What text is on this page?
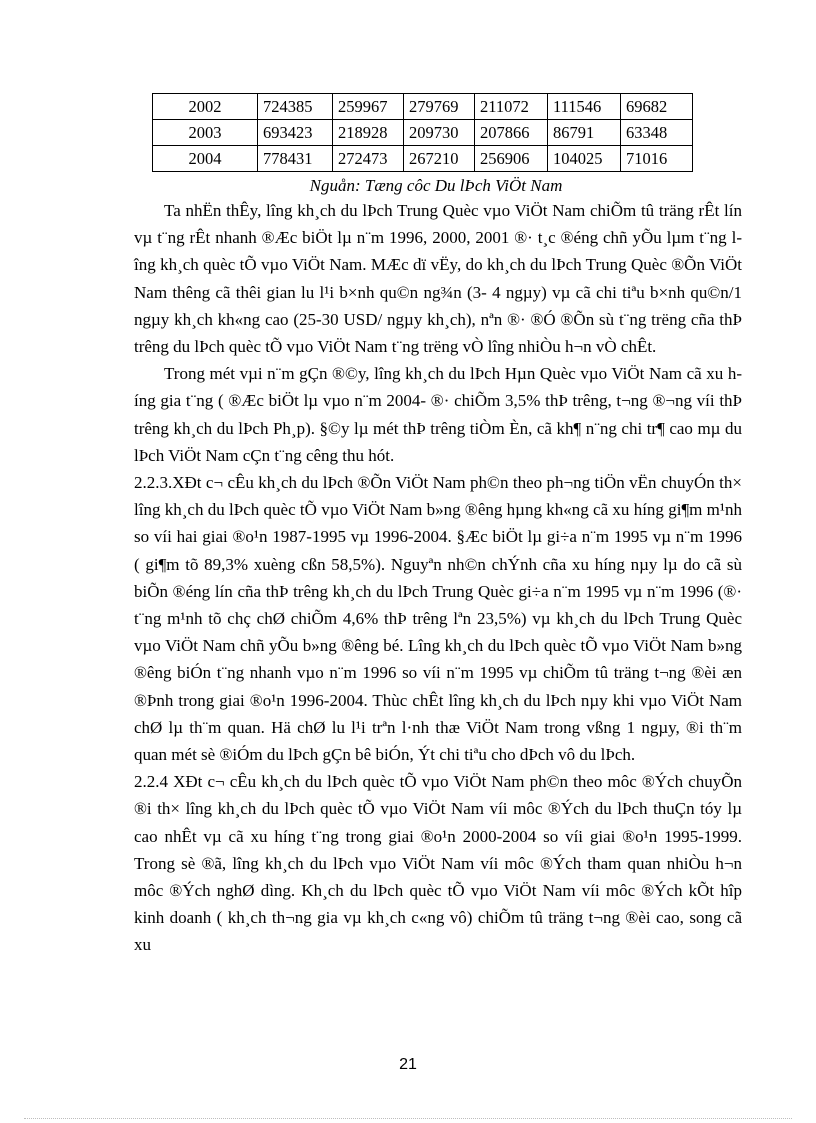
2002	724385	259967	279769	211072	111546	69682
2003	693423	218928	209730	207866	86791	63348
2004	778431	272473	267210	256906	104025	71016
Nguån: Tæng côc Du lÞch ViÖt Nam

Ta nhËn thÊy, lîng kh¸ch du lÞch Trung Quèc vµo ViÖt Nam chiÕm tû träng rÊt lín vµ t¨ng rÊt nhanh ®Æc biÖt lµ n¨m 1996, 2000, 2001 ®· t¸c ®éng chñ yÕu lµm t¨ng lîng kh¸ch quèc tÕ vµo ViÖt Nam. MÆc dï vËy, do kh¸ch du lÞch Trung Quèc ®Õn ViÖt Nam thêng cã thêi gian lu l¹i b×nh qu©n ng¾n (3- 4 ngµy) vµ cã chi tiªu b×nh qu©n/1 ngµy kh¸ch kh«ng cao (25-30 USD/ ngµy kh¸ch), nªn ®· ®Ó ®Õn sù t¨ng trëng cña thÞ trêng du lÞch quèc tÕ vµo ViÖt Nam t¨ng trëng vÒ lîng nhiÒu h¬n vÒ chÊt.

Trong mét vµi n¨m gÇn ®©y, lîng kh¸ch du lÞch Hµn Quèc vµo ViÖt Nam cã xu híng gia t¨ng ( ®Æc biÖt lµ vµo n¨m 2004- ®· chiÕm 3,5% thÞ trêng, t¬ng ®¬ng víi thÞ trêng kh¸ch du lÞch Ph¸p). §©y lµ mét thÞ trêng tiÒm Èn, cã kh¶ n¨ng chi tr¶ cao mµ du lÞch ViÖt Nam cÇn t¨ng cêng thu hót.

2.2.3.XÐt c¬ cÊu kh¸ch du lÞch ®Õn ViÖt Nam ph©n theo ph¬ng tiÖn vËn chuyÓn th× lîng kh¸ch du lÞch quèc tÕ vµo ViÖt Nam b»ng ®êng hµng kh«ng cã xu híng gi¶m m¹nh so víi hai giai ®o¹n 1987-1995 vµ 1996-2004. §Æc biÖt lµ gi÷a n¨m 1995 vµ n¨m 1996 ( gi¶m tõ 89,3% xuèng cßn 58,5%). Nguyªn nh©n chÝnh cña xu híng nµy lµ do cã sù biÕn ®éng lín cña thÞ trêng kh¸ch du lÞch Trung Quèc gi÷a n¨m 1995 vµ n¨m 1996 (®· t¨ng m¹nh tõ chç chØ chiÕm 4,6% thÞ trêng lªn 23,5%) vµ kh¸ch du lÞch Trung Quèc vµo ViÖt Nam chñ yÕu b»ng ®êng bé. Lîng kh¸ch du lÞch quèc tÕ vµo ViÖt Nam b»ng ®êng biÓn t¨ng nhanh vµo n¨m 1996 so víi n¨m 1995 vµ chiÕm tû träng t¬ng ®èi æn ®Þnh trong giai ®o¹n 1996-2004. Thùc chÊt lîng kh¸ch du lÞch nµy khi vµo ViÖt Nam chØ lµ th¨m quan. Hä chØ lu l¹i trªn l·nh thæ ViÖt Nam trong vßng 1 ngµy, ®i th¨m quan mét sè ®iÓm du lÞch gÇn bê biÓn, Ýt chi tiªu cho dÞch vô du lÞch.

2.2.4 XÐt c¬ cÊu kh¸ch du lÞch quèc tÕ vµo ViÖt Nam ph©n theo môc ®Ých chuyÕn ®i th× lîng kh¸ch du lÞch quèc tÕ vµo ViÖt Nam víi môc ®Ých du lÞch thuÇn tóy lµ cao nhÊt vµ cã xu híng t¨ng trong giai ®o¹n 2000-2004 so víi giai ®o¹n 1995-1999. Trong sè ®ã, lîng kh¸ch du lÞch vµo ViÖt Nam víi môc ®Ých tham quan nhiÒu h¬n môc ®Ých nghØ dìng. Kh¸ch du lÞch quèc tÕ vµo ViÖt Nam víi môc ®Ých kÕt hîp kinh doanh ( kh¸ch th¬ng gia vµ kh¸ch c«ng vô) chiÕm tû träng t¬ng ®èi cao, song cã xu

21
